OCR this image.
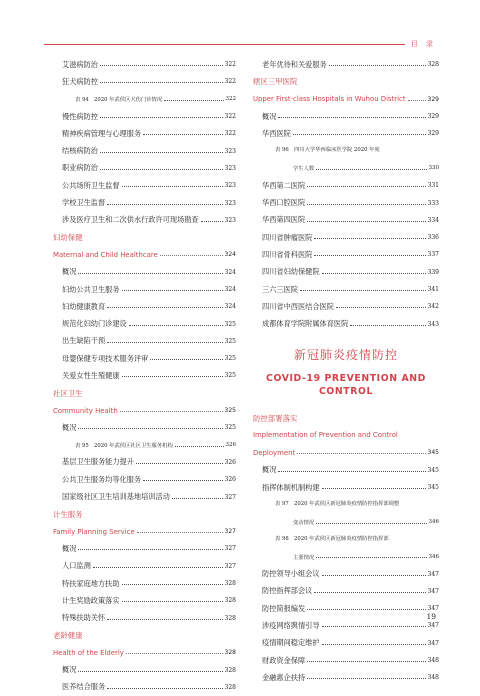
目 录
艾滋病防治	322
狂犬病防控	322
表 94　2020 年武侯区犬伤门诊情况	322
慢性病防控	322
精神疾病管理与心理服务	322
结核病防治	323
职业病防治	323
公共场所卫生监督	323
学校卫生监督	323
涉及医疗卫生和二次供水行政许可现场勘查	323
妇幼保健
Maternal and Child Healthcare	324
概况	324
妇幼公共卫生服务	324
妇幼健康教育	324
规范化妇幼门诊建设	325
出生缺陷干预	325
母婴保健专项技术服务评审	325
关爱女性生殖健康	325
社区卫生
Community Health	325
概况	325
表 95　2020 年武侯区社区卫生服务机构	326
基层卫生服务能力提升	326
公共卫生服务均等化服务	326
国家级社区卫生培训基地培训活动	327
计生服务
Family Planning Service	327
概况	327
人口监测	327
特扶家庭地方扶助	328
计生奖励政策落实	328
特殊扶助关怀	328
老龄健康
Health of the Elderly	328
概况	328
医养结合服务	328
老年优待和关爱服务	328
辖区三甲医院
Upper First-class Hospitals in Wuhou District	329
概况	329
华西医院	329
表 96　四川大学华西临床医学院 2020 年度
学生人数	330
华西第二医院	331
华西口腔医院	333
华西第四医院	334
四川省肿瘤医院	336
四川省骨科医院	337
四川省妇幼保健院	339
三六三医院	341
四川省中西医结合医院	342
成都体育学院附属体育医院	343
新冠肺炎疫情防控
COVID-19 PREVENTION AND
CONTROL
防控部署落实
Implementation of Prevention and Control
Deployment	345
概况	345
指挥体制机制构建	345
表 97　2020 年武侯区新冠肺炎疫情防控指挥部调整
变动情况	346
表 98　2020 年武侯区新冠肺炎疫情防控指挥部
主要情况	346
防控领导小组会议	347
防控指挥部会议	347
防控简报编发	347
涉疫网络舆情引导	347
疫情期间稳定维护	347
财政资金保障	348
金融惠企扶持	348
19
